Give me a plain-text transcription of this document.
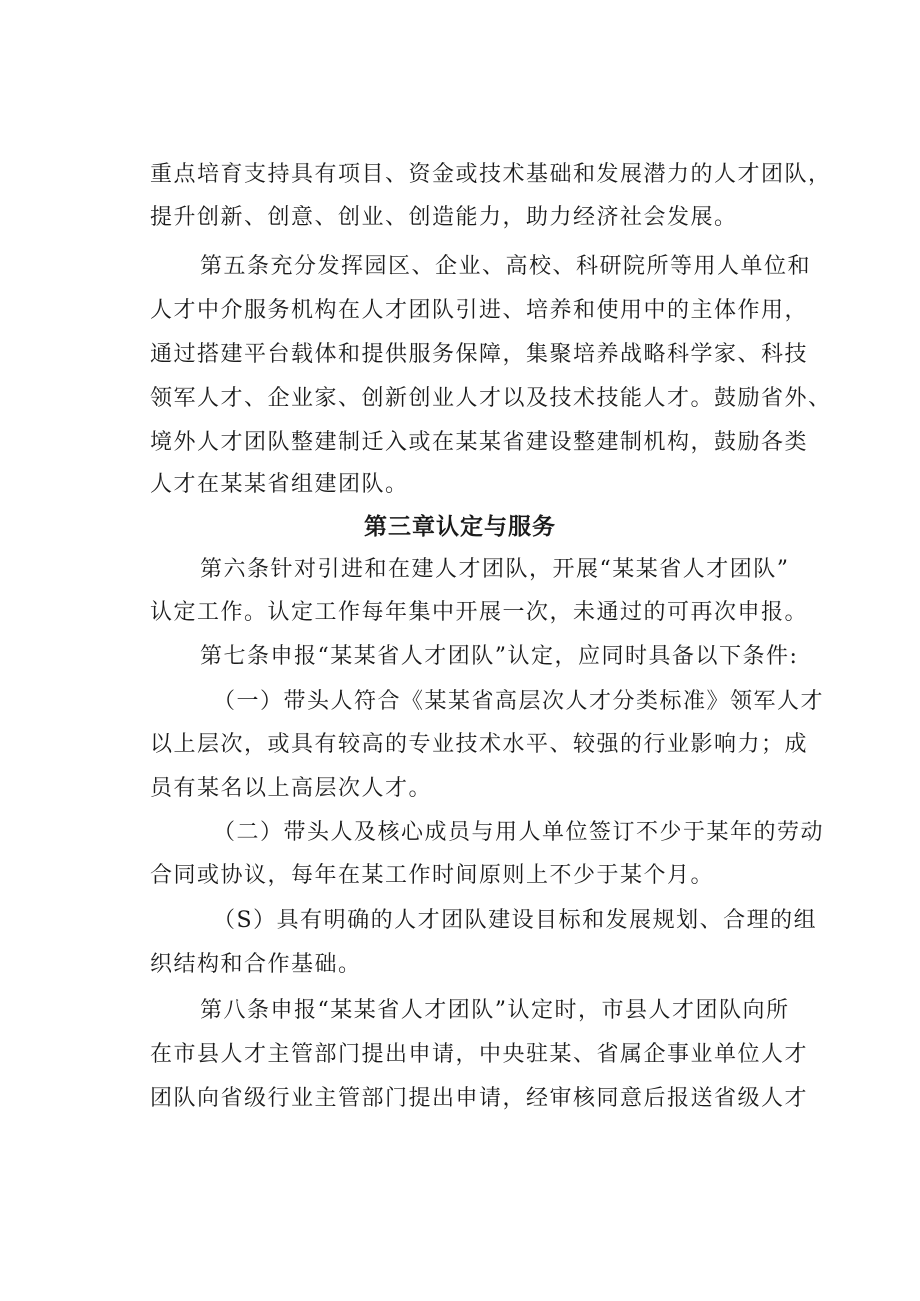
重点培育支持具有项目、资金或技术基础和发展潜力的人才团队，
提升创新、创意、创业、创造能力，助力经济社会发展。
第五条充分发挥园区、企业、高校、科研院所等用人单位和
人才中介服务机构在人才团队引进、培养和使用中的主体作用，
通过搭建平台载体和提供服务保障，集聚培养战略科学家、科技
领军人才、企业家、创新创业人才以及技术技能人才。鼓励省外、
境外人才团队整建制迁入或在某某省建设整建制机构，鼓励各类
人才在某某省组建团队。
第三章认定与服务
第六条针对引进和在建人才团队，开展“某某省人才团队”
认定工作。认定工作每年集中开展一次，未通过的可再次申报。
第七条申报“某某省人才团队”认定，应同时具备以下条件:
（一）带头人符合《某某省高层次人才分类标准》领军人才
以上层次，或具有较高的专业技术水平、较强的行业影响力；成
员有某名以上高层次人才。
（二）带头人及核心成员与用人单位签订不少于某年的劳动
合同或协议，每年在某工作时间原则上不少于某个月。
（S）具有明确的人才团队建设目标和发展规划、合理的组
织结构和合作基础。
第八条申报“某某省人才团队”认定时，市县人才团队向所
在市县人才主管部门提出申请，中央驻某、省属企事业单位人才
团队向省级行业主管部门提出申请，经审核同意后报送省级人才
